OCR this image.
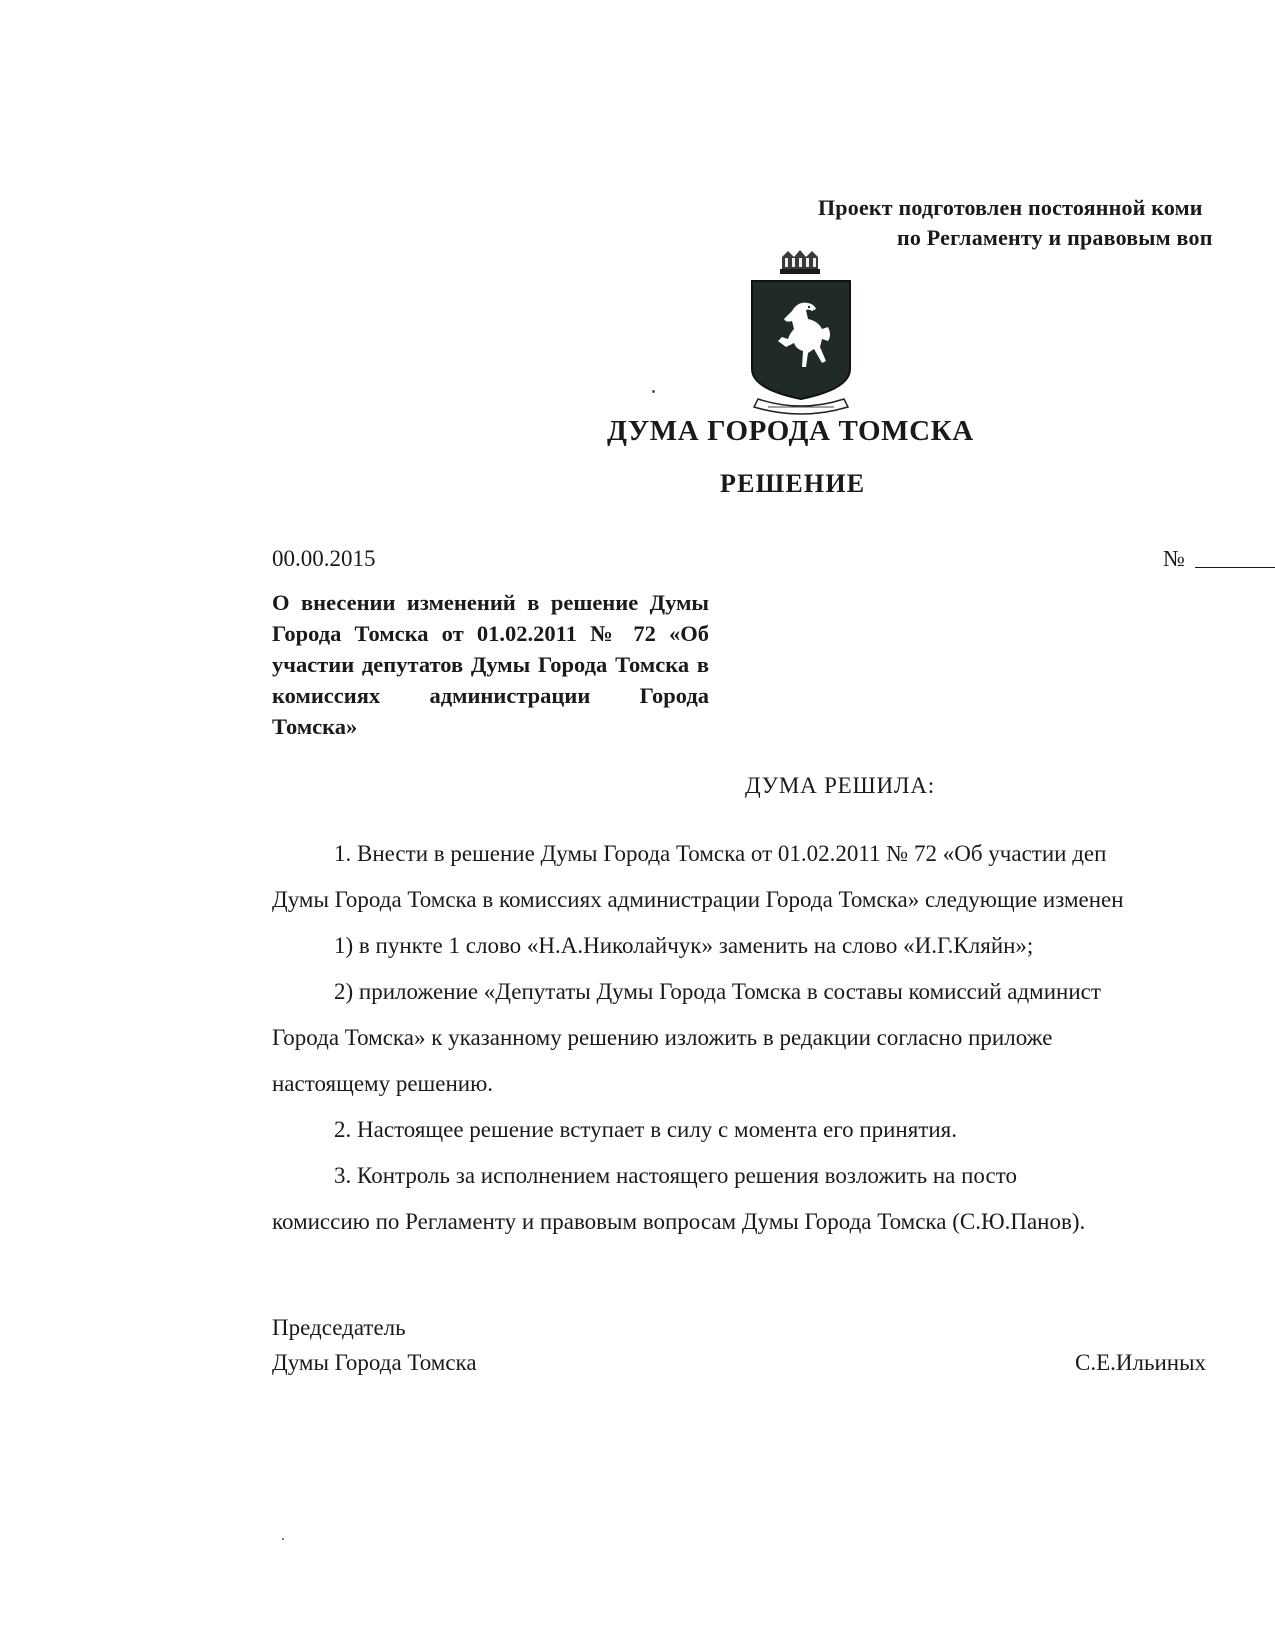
Проект подготовлен постоянной коми
по Регламенту и правовым воп
ДУМА ГОРОДА ТОМСКА
РЕШЕНИЕ
00.00.2015	№
О внесении изменений в решение Думы Города Томска от 01.02.2011 № 72 «Об участии депутатов Думы Города Томска в комиссиях администрации Города Томска»
ДУМА РЕШИЛА:

1. Внести в решение Думы Города Томска от 01.02.2011 № 72 «Об участии деп

Думы Города Томска в комиссиях администрации Города Томска» следующие изменен

1) в пункте 1 слово «Н.А.Николайчук» заменить на слово «И.Г.Кляйн»;

2) приложение «Депутаты Думы Города Томска в составы комиссий админист

Города Томска» к указанному решению изложить в редакции согласно приложе

настоящему решению.

2. Настоящее решение вступает в силу с момента его принятия.

3. Контроль за исполнением настоящего решения возложить на посто

комиссию по Регламенту и правовым вопросам Думы Города Томска (С.Ю.Панов).

Председатель
Думы Города Томска	С.Е.Ильиных
